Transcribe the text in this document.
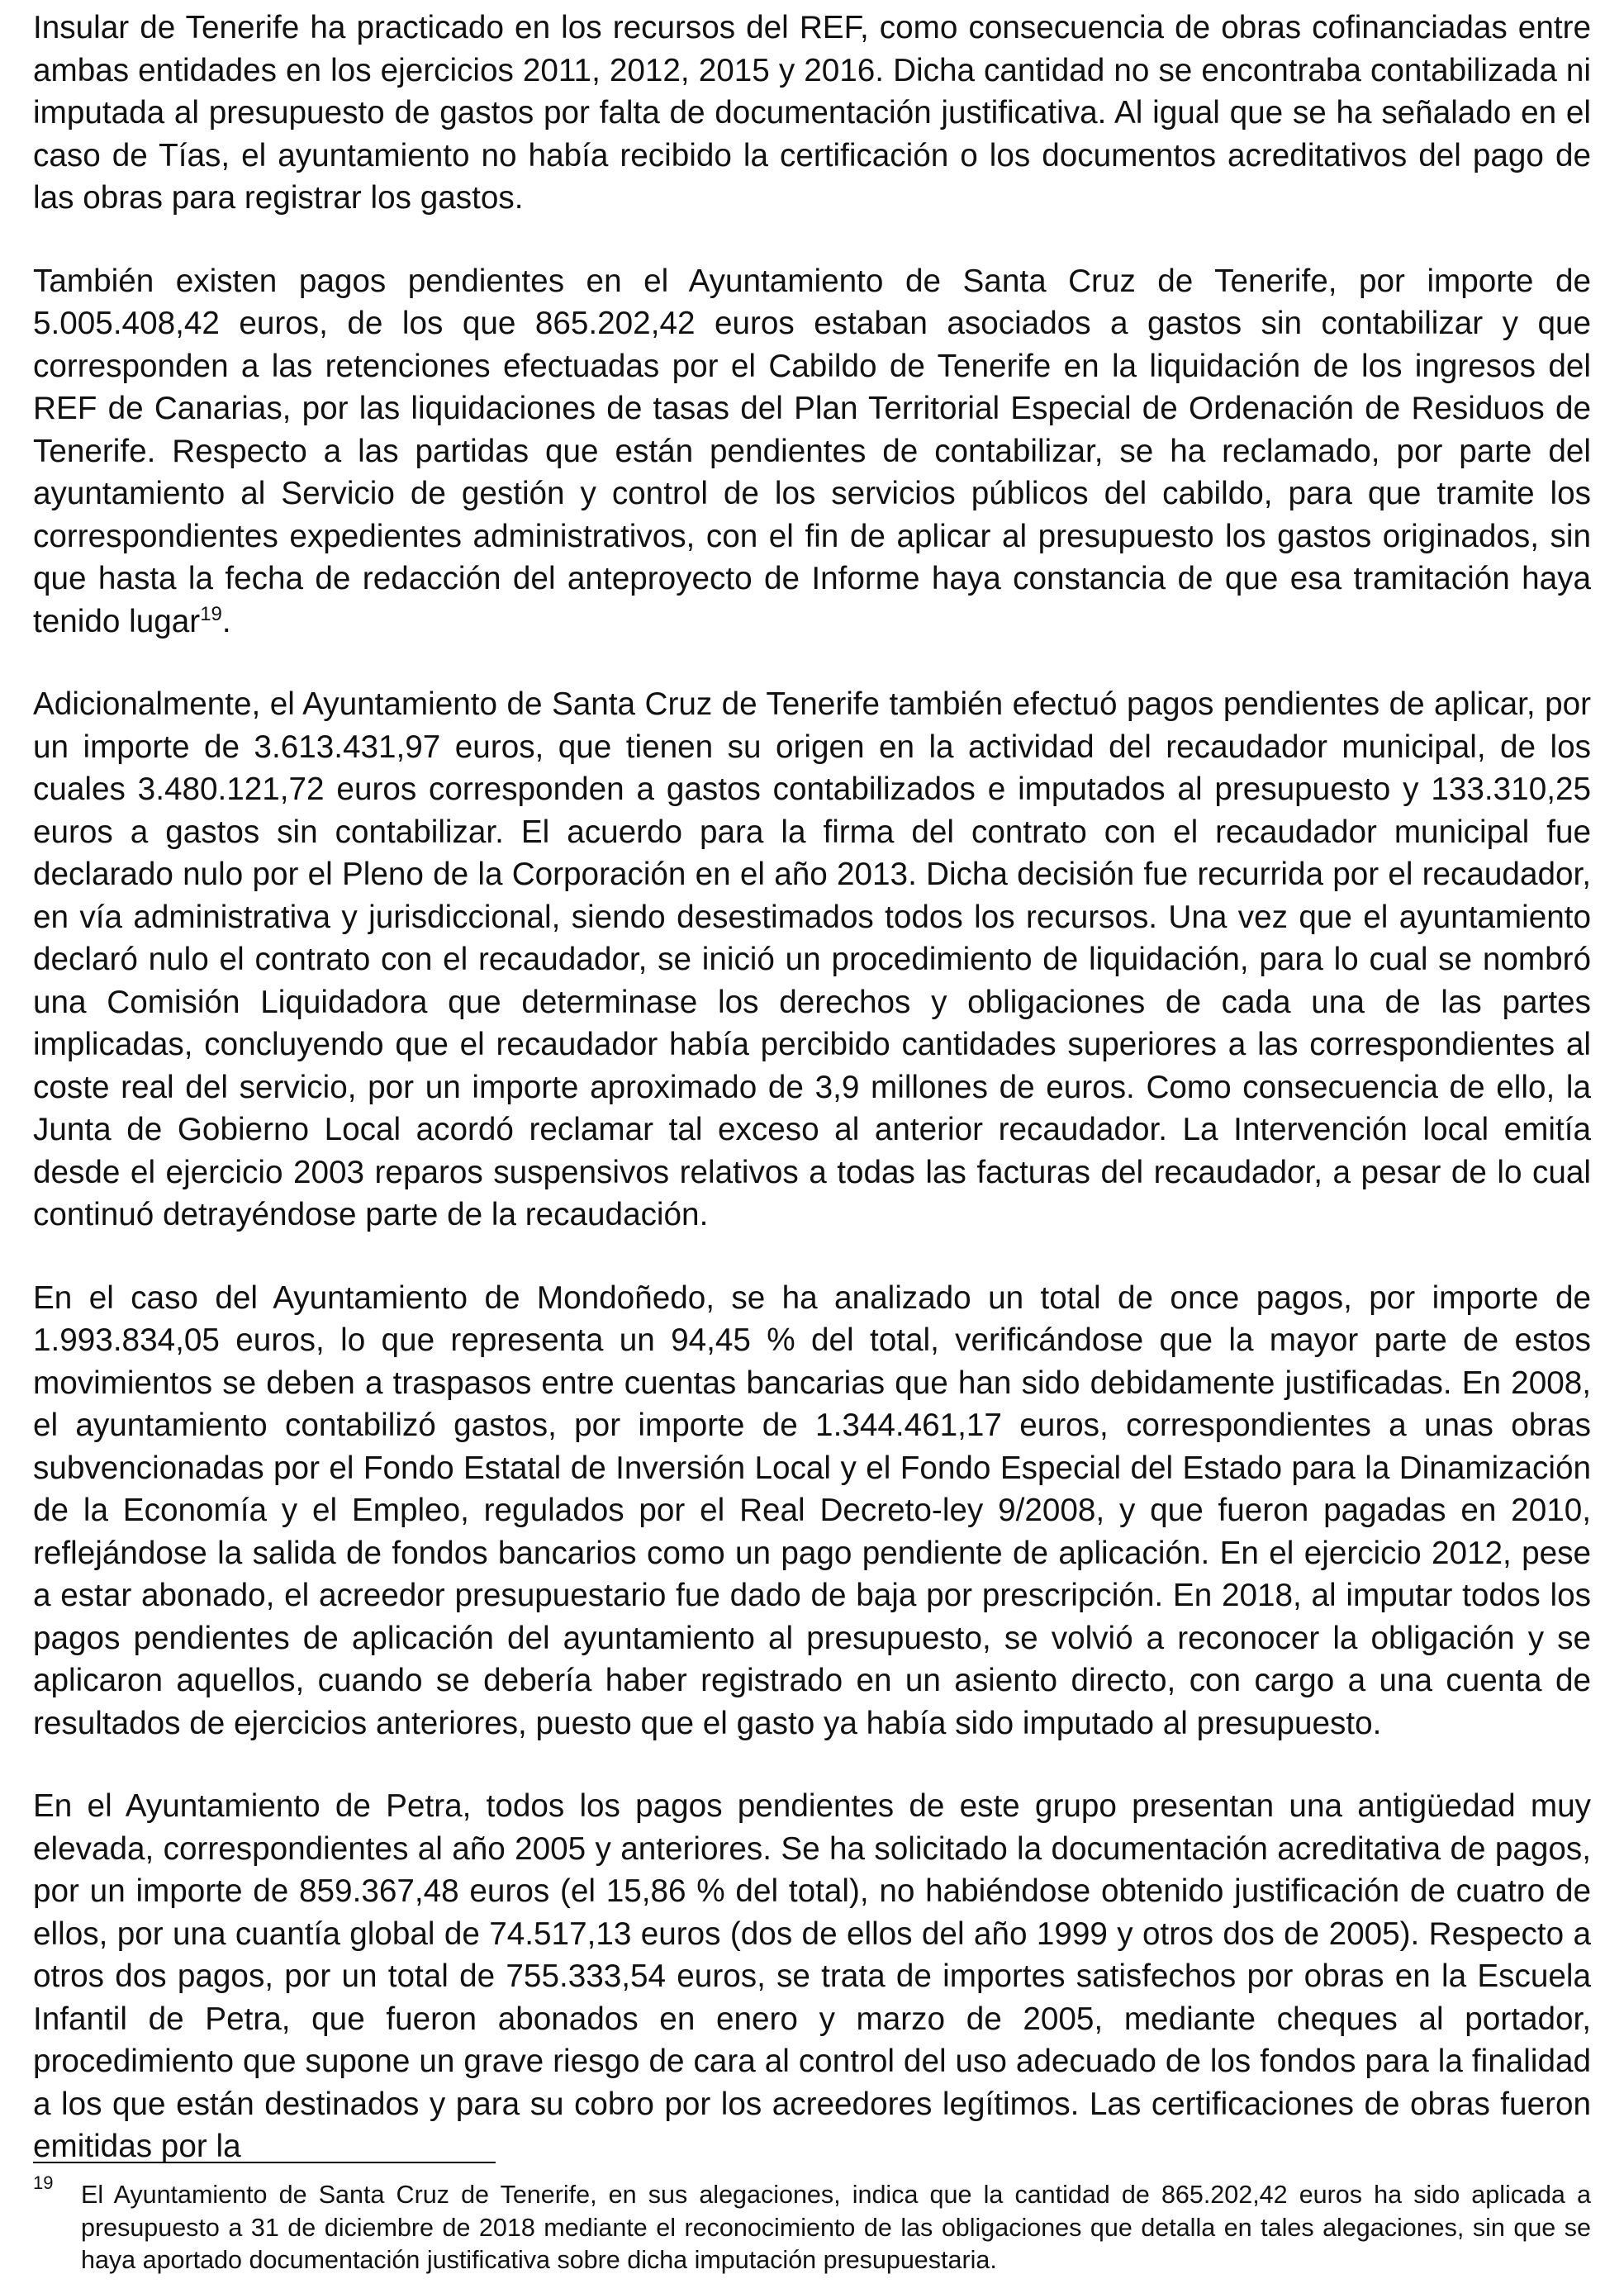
Insular de Tenerife ha practicado en los recursos del REF, como consecuencia de obras cofinanciadas entre ambas entidades en los ejercicios 2011, 2012, 2015 y 2016. Dicha cantidad no se encontraba contabilizada ni imputada al presupuesto de gastos por falta de documentación justificativa. Al igual que se ha señalado en el caso de Tías, el ayuntamiento no había recibido la certificación o los documentos acreditativos del pago de las obras para registrar los gastos.

También existen pagos pendientes en el Ayuntamiento de Santa Cruz de Tenerife, por importe de 5.005.408,42 euros, de los que 865.202,42 euros estaban asociados a gastos sin contabilizar y que corresponden a las retenciones efectuadas por el Cabildo de Tenerife en la liquidación de los ingresos del REF de Canarias, por las liquidaciones de tasas del Plan Territorial Especial de Ordenación de Residuos de Tenerife. Respecto a las partidas que están pendientes de contabilizar, se ha reclamado, por parte del ayuntamiento al Servicio de gestión y control de los servicios públicos del cabildo, para que tramite los correspondientes expedientes administrativos, con el fin de aplicar al presupuesto los gastos originados, sin que hasta la fecha de redacción del anteproyecto de Informe haya constancia de que esa tramitación haya tenido lugar$^{19}$.

Adicionalmente, el Ayuntamiento de Santa Cruz de Tenerife también efectuó pagos pendientes de aplicar, por un importe de 3.613.431,97 euros, que tienen su origen en la actividad del recaudador municipal, de los cuales 3.480.121,72 euros corresponden a gastos contabilizados e imputados al presupuesto y 133.310,25 euros a gastos sin contabilizar. El acuerdo para la firma del contrato con el recaudador municipal fue declarado nulo por el Pleno de la Corporación en el año 2013. Dicha decisión fue recurrida por el recaudador, en vía administrativa y jurisdiccional, siendo desestimados todos los recursos. Una vez que el ayuntamiento declaró nulo el contrato con el recaudador, se inició un procedimiento de liquidación, para lo cual se nombró una Comisión Liquidadora que determinase los derechos y obligaciones de cada una de las partes implicadas, concluyendo que el recaudador había percibido cantidades superiores a las correspondientes al coste real del servicio, por un importe aproximado de 3,9 millones de euros. Como consecuencia de ello, la Junta de Gobierno Local acordó reclamar tal exceso al anterior recaudador. La Intervención local emitía desde el ejercicio 2003 reparos suspensivos relativos a todas las facturas del recaudador, a pesar de lo cual continuó detrayéndose parte de la recaudación.

En el caso del Ayuntamiento de Mondoñedo, se ha analizado un total de once pagos, por importe de 1.993.834,05 euros, lo que representa un 94,45 % del total, verificándose que la mayor parte de estos movimientos se deben a traspasos entre cuentas bancarias que han sido debidamente justificadas. En 2008, el ayuntamiento contabilizó gastos, por importe de 1.344.461,17 euros, correspondientes a unas obras subvencionadas por el Fondo Estatal de Inversión Local y el Fondo Especial del Estado para la Dinamización de la Economía y el Empleo, regulados por el Real Decreto-ley 9/2008, y que fueron pagadas en 2010, reflejándose la salida de fondos bancarios como un pago pendiente de aplicación. En el ejercicio 2012, pese a estar abonado, el acreedor presupuestario fue dado de baja por prescripción. En 2018, al imputar todos los pagos pendientes de aplicación del ayuntamiento al presupuesto, se volvió a reconocer la obligación y se aplicaron aquellos, cuando se debería haber registrado en un asiento directo, con cargo a una cuenta de resultados de ejercicios anteriores, puesto que el gasto ya había sido imputado al presupuesto.

En el Ayuntamiento de Petra, todos los pagos pendientes de este grupo presentan una antigüedad muy elevada, correspondientes al año 2005 y anteriores. Se ha solicitado la documentación acreditativa de pagos, por un importe de 859.367,48 euros (el 15,86 % del total), no habiéndose obtenido justificación de cuatro de ellos, por una cuantía global de 74.517,13 euros (dos de ellos del año 1999 y otros dos de 2005). Respecto a otros dos pagos, por un total de 755.333,54 euros, se trata de importes satisfechos por obras en la Escuela Infantil de Petra, que fueron abonados en enero y marzo de 2005, mediante cheques al portador, procedimiento que supone un grave riesgo de cara al control del uso adecuado de los fondos para la finalidad a los que están destinados y para su cobro por los acreedores legítimos. Las certificaciones de obras fueron emitidas por la

19 El Ayuntamiento de Santa Cruz de Tenerife, en sus alegaciones, indica que la cantidad de 865.202,42 euros ha sido aplicada a presupuesto a 31 de diciembre de 2018 mediante el reconocimiento de las obligaciones que detalla en tales alegaciones, sin que se haya aportado documentación justificativa sobre dicha imputación presupuestaria.
